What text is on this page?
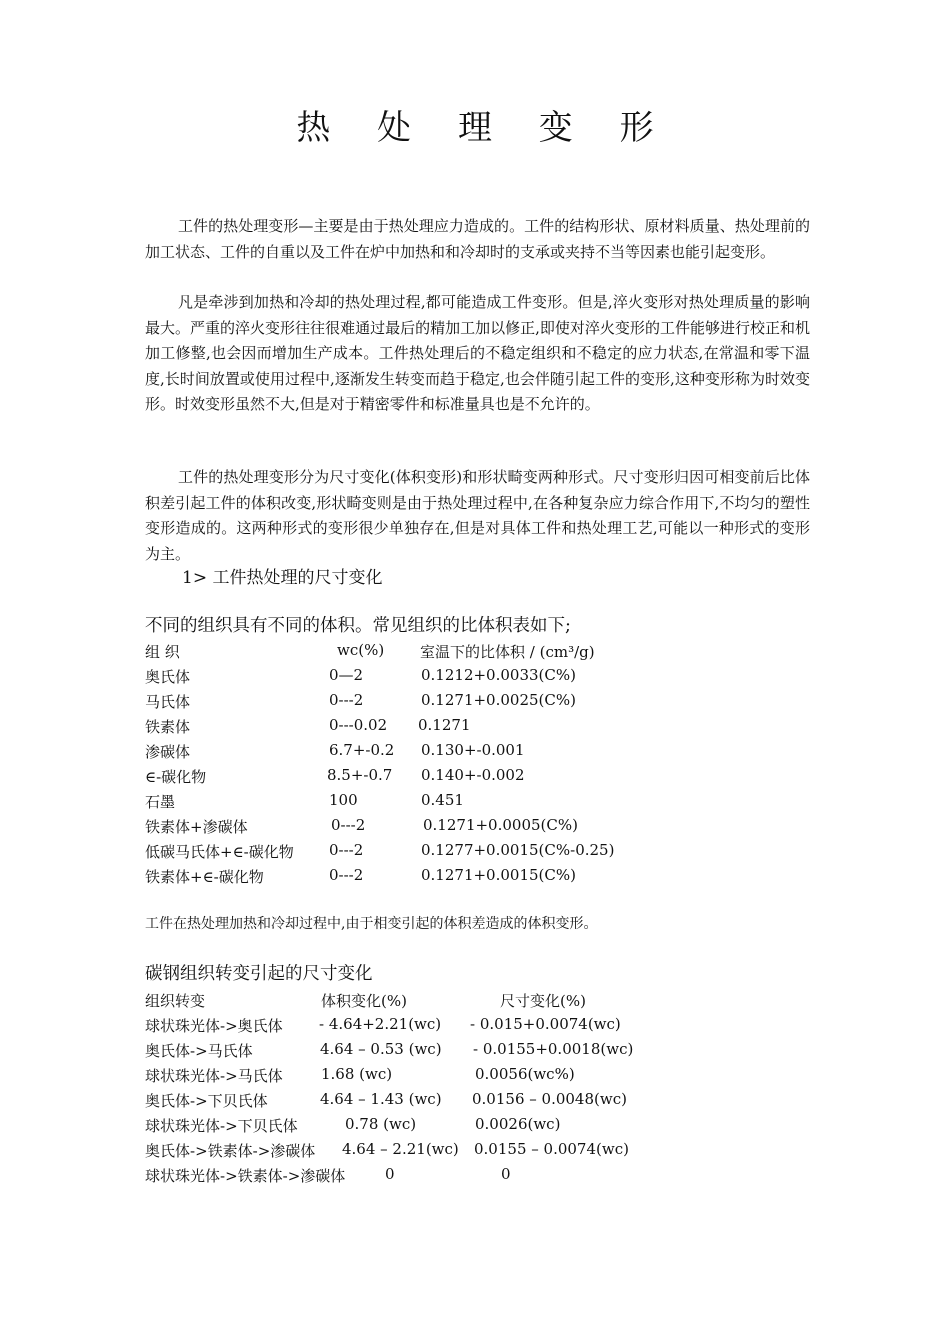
热 处 理 变 形

工件的热处理变形—主要是由于热处理应力造成的。工件的结构形状、原材料质量、热处理前的加工状态、工件的自重以及工件在炉中加热和和冷却时的支承或夹持不当等因素也能引起变形。

凡是牵涉到加热和冷却的热处理过程,都可能造成工件变形。但是,淬火变形对热处理质量的影响最大。严重的淬火变形往往很难通过最后的精加工加以修正,即使对淬火变形的工件能够进行校正和机加工修整,也会因而增加生产成本。工件热处理后的不稳定组织和不稳定的应力状态,在常温和零下温度,长时间放置或使用过程中,逐渐发生转变而趋于稳定,也会伴随引起工件的变形,这种变形称为时效变形。时效变形虽然不大,但是对于精密零件和标准量具也是不允许的。

工件的热处理变形分为尺寸变化(体积变形)和形状畸变两种形式。尺寸变形归因可相变前后比体积差引起工件的体积改变,形状畸变则是由于热处理过程中,在各种复杂应力综合作用下,不均匀的塑性变形造成的。这两种形式的变形很少单独存在,但是对具体工件和热处理工艺,可能以一种形式的变形为主。

1> 工件热处理的尺寸变化
不同的组织具有不同的体积。常见组织的比体积表如下;
组 织	wc(%) 室温下的比体积 / (cm³/g)
奥氏体	0—2	0.1212+0.0033(C%)
马氏体	0---2	0.1271+0.0025(C%)
铁素体	0---0.02 0.1271
渗碳体	6.7+-0.2 0.130+-0.001
∈-碳化物	8.5+-0.7 0.140+-0.002
石墨	100	0.451
铁素体+渗碳体	0---2	0.1271+0.0005(C%)
低碳马氏体+∈-碳化物 0---2	0.1277+0.0015(C%-0.25)
铁素体+∈-碳化物	0---2	0.1271+0.0015(C%)
工件在热处理加热和冷却过程中,由于相变引起的体积差造成的体积变形。
碳钢组织转变引起的尺寸变化
组织转变	体积变化(%)	尺寸变化(%)
球状珠光体->奥氏体 - 4.64+2.21(wc) - 0.015+0.0074(wc)
奥氏体->马氏体	4.64 – 0.53 (wc) - 0.0155+0.0018(wc)
球状珠光体->马氏体	1.68 (wc)	0.0056(wc%)
奥氏体->下贝氏体	4.64 – 1.43 (wc) 0.0156 – 0.0048(wc)
球状珠光体->下贝氏体	0.78 (wc)	0.0026(wc)
奥氏体->铁素体->渗碳体 4.64 – 2.21(wc) 0.0155 – 0.0074(wc)
球状珠光体->铁素体->渗碳体	0	0
